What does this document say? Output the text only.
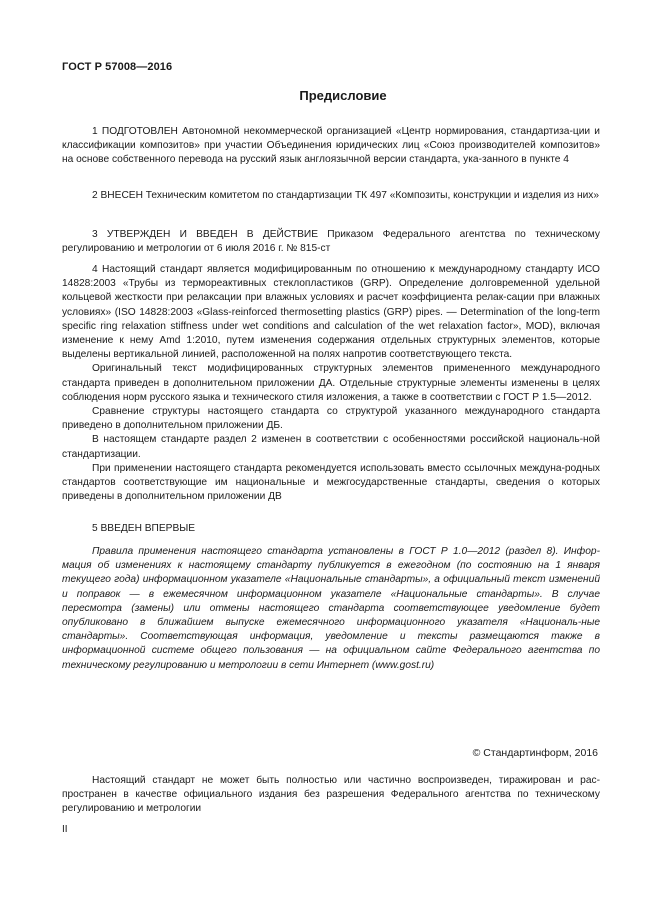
ГОСТ Р 57008—2016
Предисловие

1 ПОДГОТОВЛЕН Автономной некоммерческой организацией «Центр нормирования, стандартиза-ции и классификации композитов» при участии Объединения юридических лиц «Союз производителей композитов» на основе собственного перевода на русский язык англоязычной версии стандарта, ука-занного в пункте 4

2 ВНЕСЕН Техническим комитетом по стандартизации ТК 497 «Композиты, конструкции и изделия из них»

3 УТВЕРЖДЕН И ВВЕДЕН В ДЕЙСТВИЕ Приказом Федерального агентства по техническому регулированию и метрологии от 6 июля 2016 г. № 815-ст

4 Настоящий стандарт является модифицированным по отношению к международному стандарту ИСО 14828:2003 «Трубы из термореактивных стеклопластиков (GRP). Определение долговременной удельной кольцевой жесткости при релаксации при влажных условиях и расчет коэффициента релак-сации при влажных условиях» (ISO 14828:2003 «Glass-reinforced thermosetting plastics (GRP) pipes. — Determination of the long-term specific ring relaxation stiffness under wet conditions and calculation of the wet relaxation factor», MOD), включая изменение к нему Amd 1:2010, путем изменения содержания отдельных структурных элементов, которые выделены вертикальной линией, расположенной на полях напротив соответствующего текста.

Оригинальный текст модифицированных структурных элементов примененного международного стандарта приведен в дополнительном приложении ДА. Отдельные структурные элементы изменены в целях соблюдения норм русского языка и технического стиля изложения, а также в соответствии с ГОСТ Р 1.5—2012.

Сравнение структуры настоящего стандарта со структурой указанного международного стандарта приведено в дополнительном приложении ДБ.

В настоящем стандарте раздел 2 изменен в соответствии с особенностями российской националь-ной стандартизации.

При применении настоящего стандарта рекомендуется использовать вместо ссылочных междуна-родных стандартов соответствующие им национальные и межгосударственные стандарты, сведения о которых приведены в дополнительном приложении ДВ

5 ВВЕДЕН ВПЕРВЫЕ

Правила применения настоящего стандарта установлены в ГОСТ Р 1.0—2012 (раздел 8). Инфор-мация об изменениях к настоящему стандарту публикуется в ежегодном (по состоянию на 1 января текущего года) информационном указателе «Национальные стандарты», а официальный текст изменений и поправок — в ежемесячном информационном указателе «Национальные стандарты». В случае пересмотра (замены) или отмены настоящего стандарта соответствующее уведомление будет опубликовано в ближайшем выпуске ежемесячного информационного указателя «Националь-ные стандарты». Соответствующая информация, уведомление и тексты размещаются также в информационной системе общего пользования — на официальном сайте Федерального агентства по техническому регулированию и метрологии в сети Интернет (www.gost.ru)

© Стандартинформ, 2016

Настоящий стандарт не может быть полностью или частично воспроизведен, тиражирован и рас-пространен в качестве официального издания без разрешения Федерального агентства по техническому регулированию и метрологии

II
